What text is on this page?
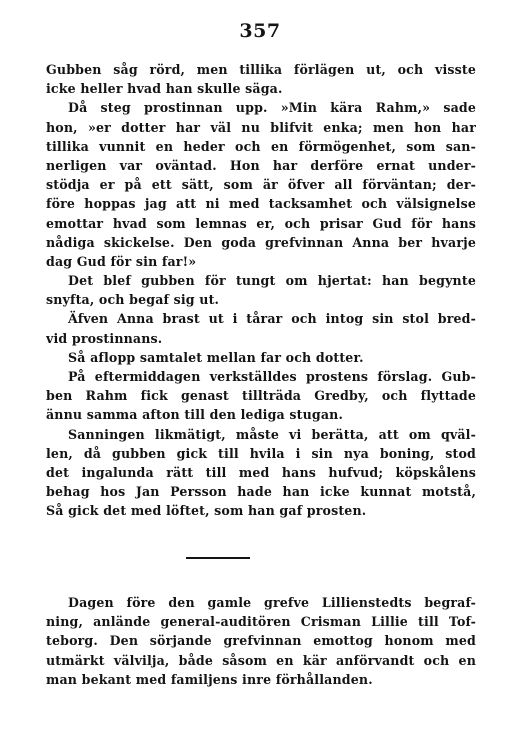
357
Gubben såg rörd, men tillika förlägen ut, och visste
icke heller hvad han skulle säga.
Då steg prostinnan upp. »Min kära Rahm,» sade
hon, »er dotter har väl nu blifvit enka; men hon har
tillika vunnit en heder och en förmögenhet, som san-
nerligen var oväntad. Hon har derföre ernat under-
stödja er på ett sätt, som är öfver all förväntan; der-
före hoppas jag att ni med tacksamhet och välsignelse
emottar hvad som lemnas er, och prisar Gud för hans
nådiga skickelse. Den goda grefvinnan Anna ber hvarje
dag Gud för sin far!»
Det blef gubben för tungt om hjertat: han begynte
snyfta, och begaf sig ut.
Äfven Anna brast ut i tårar och intog sin stol bred-
vid prostinnans.
Så aflopp samtalet mellan far och dotter.
På eftermiddagen verkställdes prostens förslag. Gub-
ben Rahm fick genast tillträda Gredby, och flyttade
ännu samma afton till den lediga stugan.
Sanningen likmätigt, måste vi berätta, att om qväl-
len, då gubben gick till hvila i sin nya boning, stod
det ingalunda rätt till med hans hufvud; köpskålens
behag hos Jan Persson hade han icke kunnat motstå,
Så gick det med löftet, som han gaf prosten.
Dagen före den gamle grefve Lillienstedts begraf-
ning, anlände general-auditören Crisman Lillie till Tof-
teborg. Den sörjande grefvinnan emottog honom med
utmärkt välvilja, både såsom en kär anförvandt och en
man bekant med familjens inre förhållanden.
